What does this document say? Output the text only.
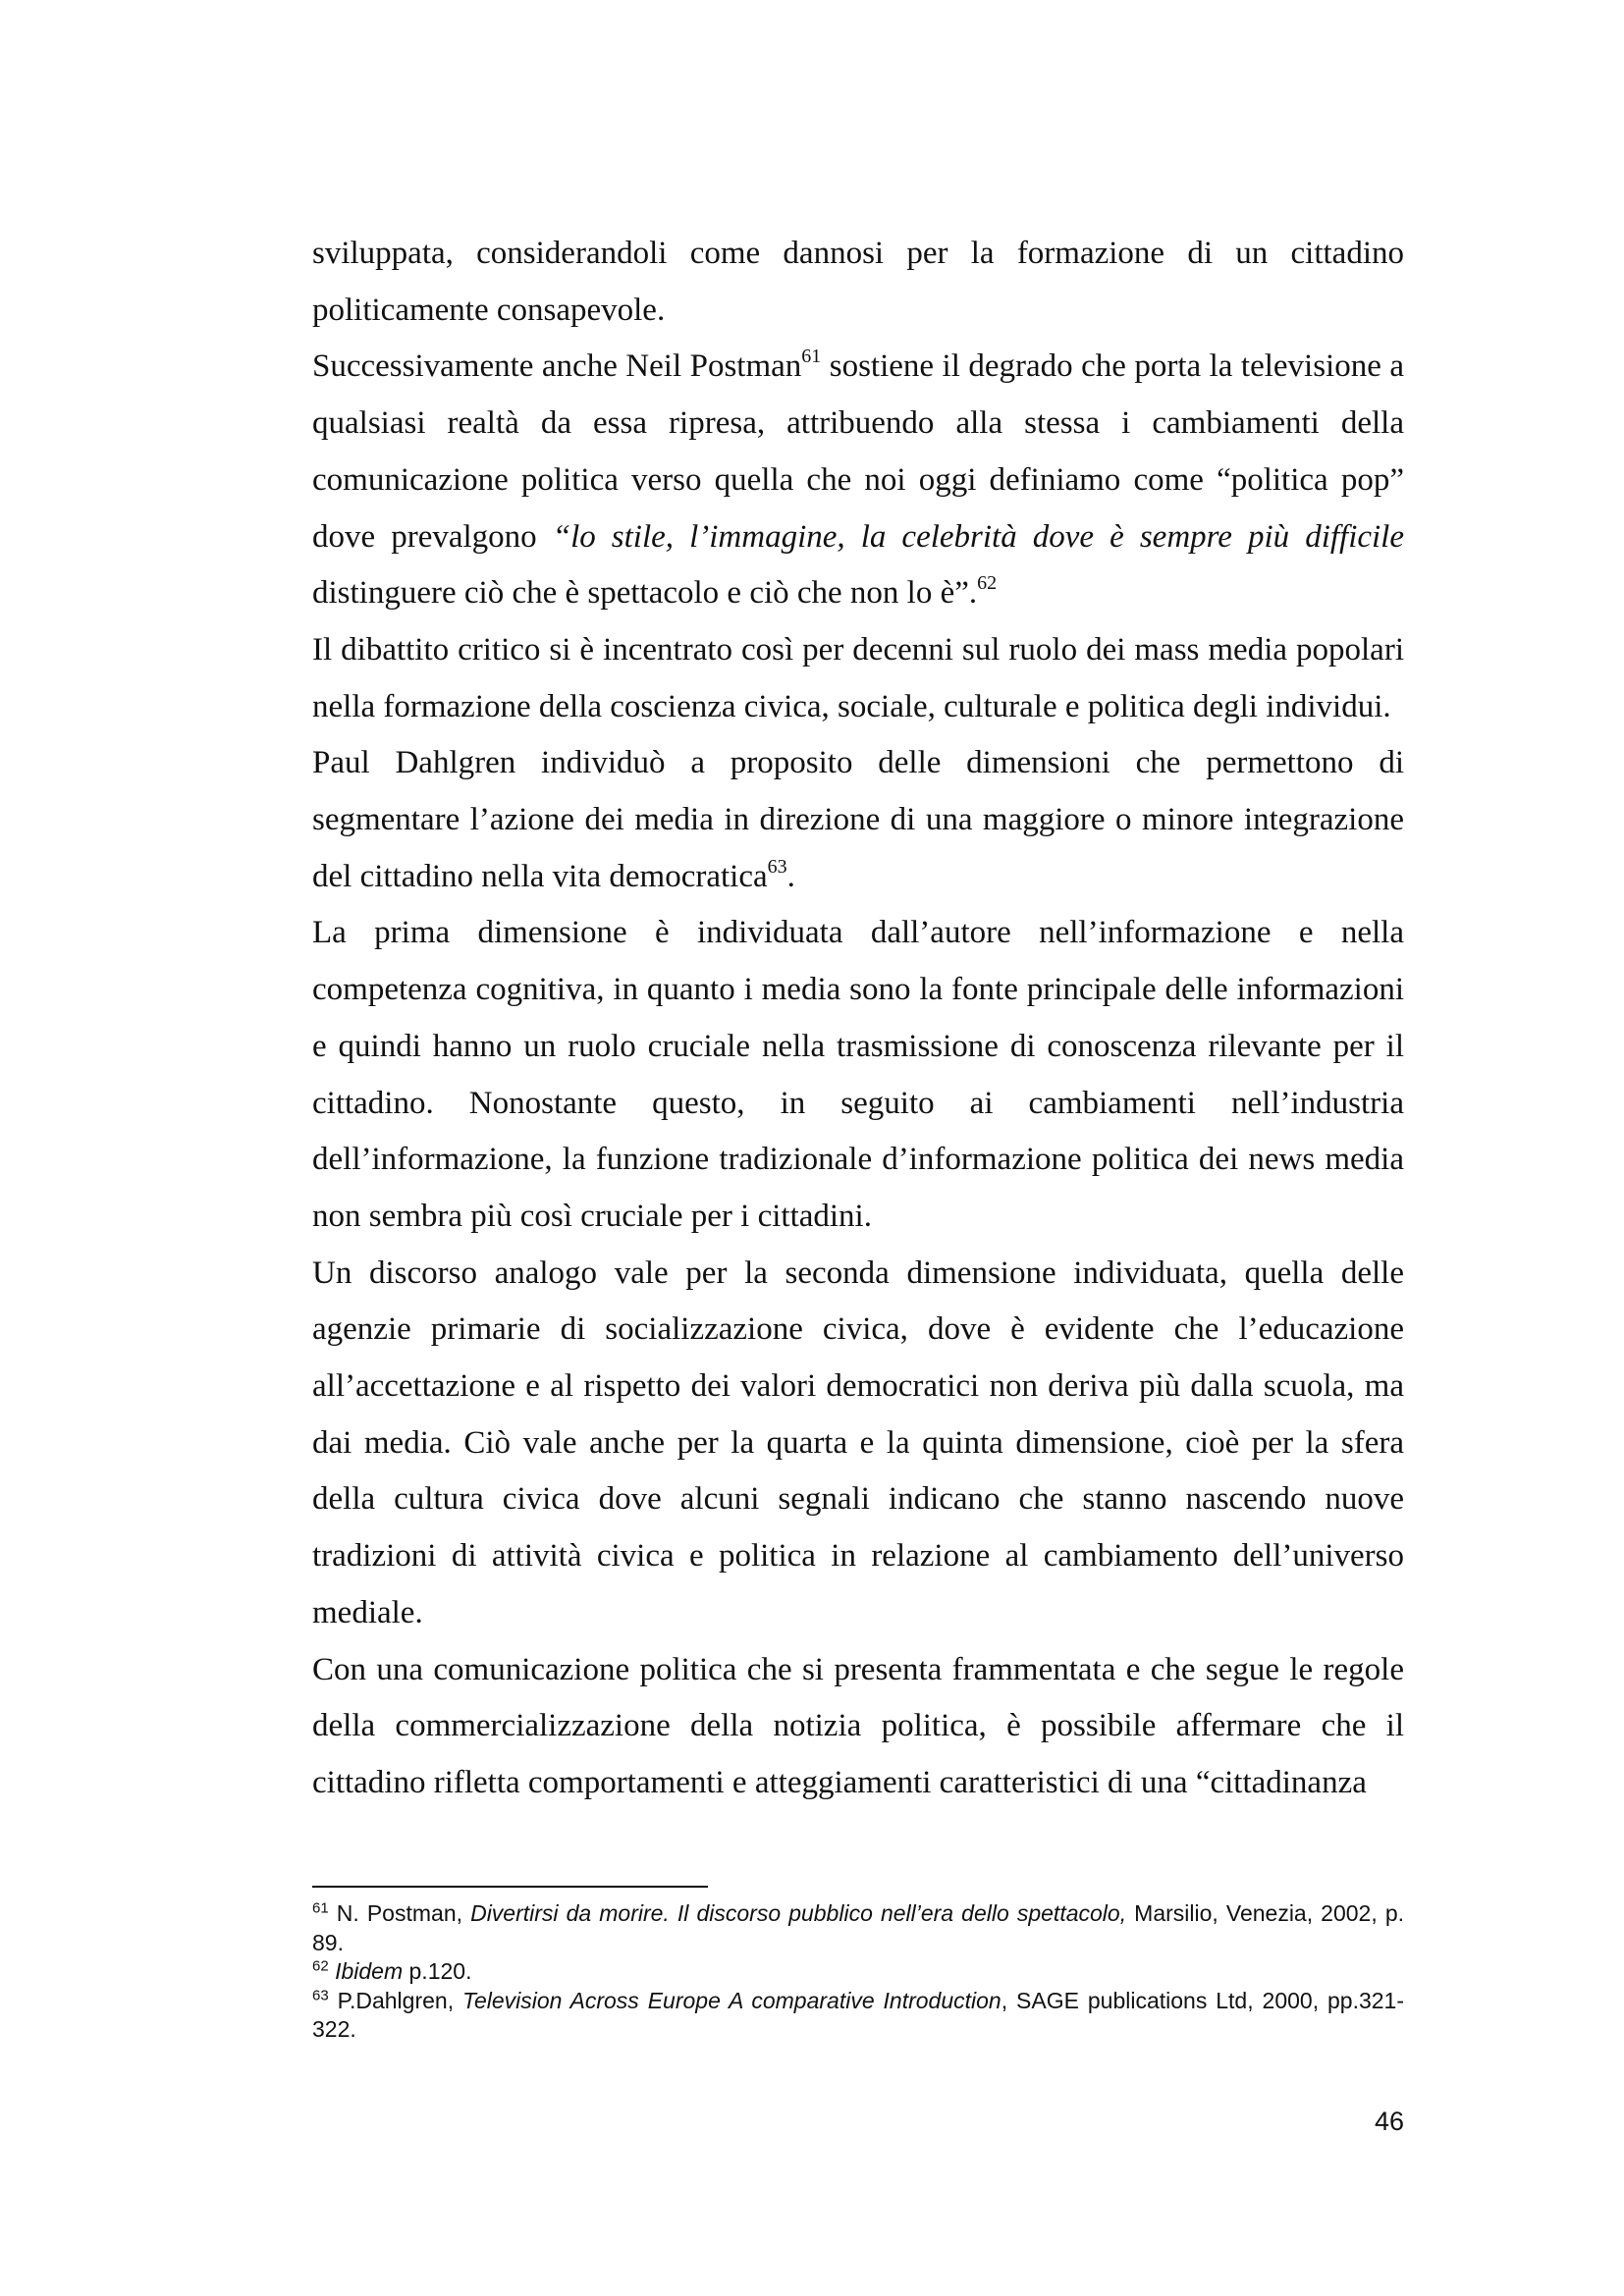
sviluppata, considerandoli come dannosi per la formazione di un cittadino politicamente consapevole.

Successivamente anche Neil Postman$^{61}$ sostiene il degrado che porta la televisione a qualsiasi realtà da essa ripresa, attribuendo alla stessa i cambiamenti della comunicazione politica verso quella che noi oggi definiamo come “politica pop” dove prevalgono “lo stile, l’immagine, la celebrità dove è sempre più difficile distinguere ciò che è spettacolo e ciò che non lo è”.$^{62}$

Il dibattito critico si è incentrato così per decenni sul ruolo dei mass media popolari nella formazione della coscienza civica, sociale, culturale e politica degli individui.

Paul Dahlgren individuò a proposito delle dimensioni che permettono di segmentare l’azione dei media in direzione di una maggiore o minore integrazione del cittadino nella vita democratica$^{63}$.

La prima dimensione è individuata dall’autore nell’informazione e nella competenza cognitiva, in quanto i media sono la fonte principale delle informazioni e quindi hanno un ruolo cruciale nella trasmissione di conoscenza rilevante per il cittadino. Nonostante questo, in seguito ai cambiamenti nell’industria dell’informazione, la funzione tradizionale d’informazione politica dei news media non sembra più così cruciale per i cittadini.

Un discorso analogo vale per la seconda dimensione individuata, quella delle agenzie primarie di socializzazione civica, dove è evidente che l’educazione all’accettazione e al rispetto dei valori democratici non deriva più dalla scuola, ma dai media. Ciò vale anche per la quarta e la quinta dimensione, cioè per la sfera della cultura civica dove alcuni segnali indicano che stanno nascendo nuove tradizioni di attività civica e politica in relazione al cambiamento dell’universo mediale.

Con una comunicazione politica che si presenta frammentata e che segue le regole della commercializzazione della notizia politica, è possibile affermare che il cittadino rifletta comportamenti e atteggiamenti caratteristici di una “cittadinanza

$^{61}$ N. Postman, Divertirsi da morire. Il discorso pubblico nell’era dello spettacolo, Marsilio, Venezia, 2002, p. 89.

$^{62}$ Ibidem p.120.

$^{63}$ P.Dahlgren, Television Across Europe A comparative Introduction, SAGE publications Ltd, 2000, pp.321-322.

46
